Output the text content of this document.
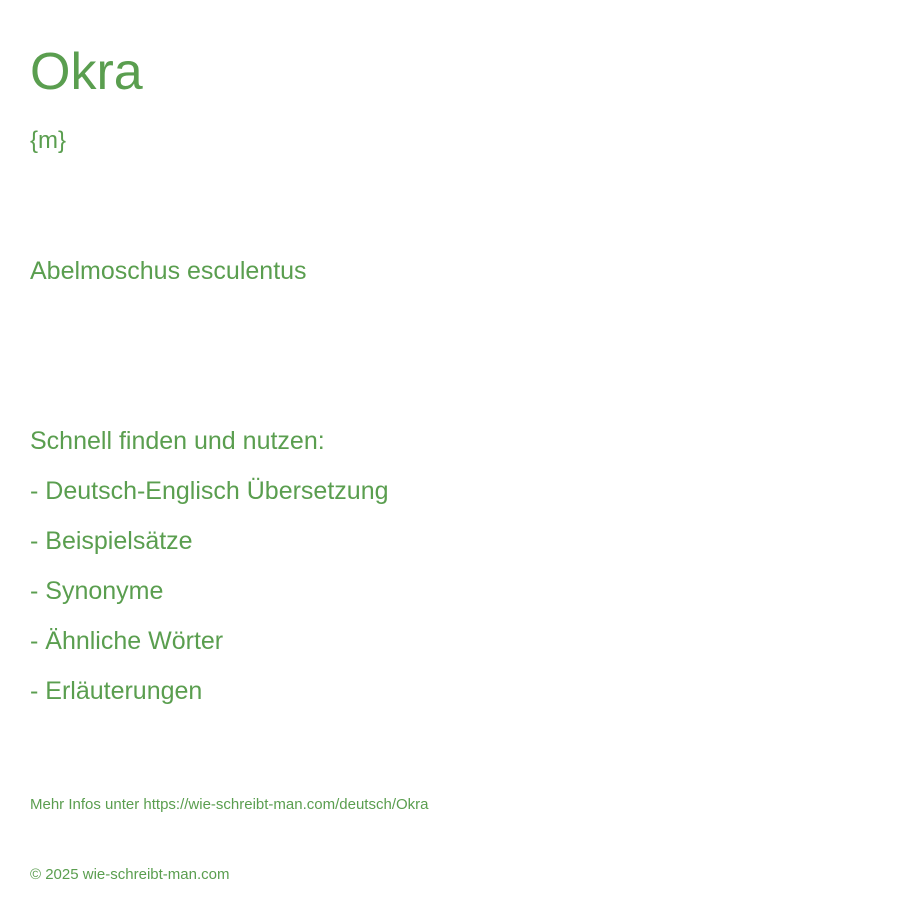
Okra
{m}
Abelmoschus esculentus
Schnell finden und nutzen:
- Deutsch-Englisch Übersetzung
- Beispielsätze
- Synonyme
- Ähnliche Wörter
- Erläuterungen
Mehr Infos unter https://wie-schreibt-man.com/deutsch/Okra
© 2025 wie-schreibt-man.com
